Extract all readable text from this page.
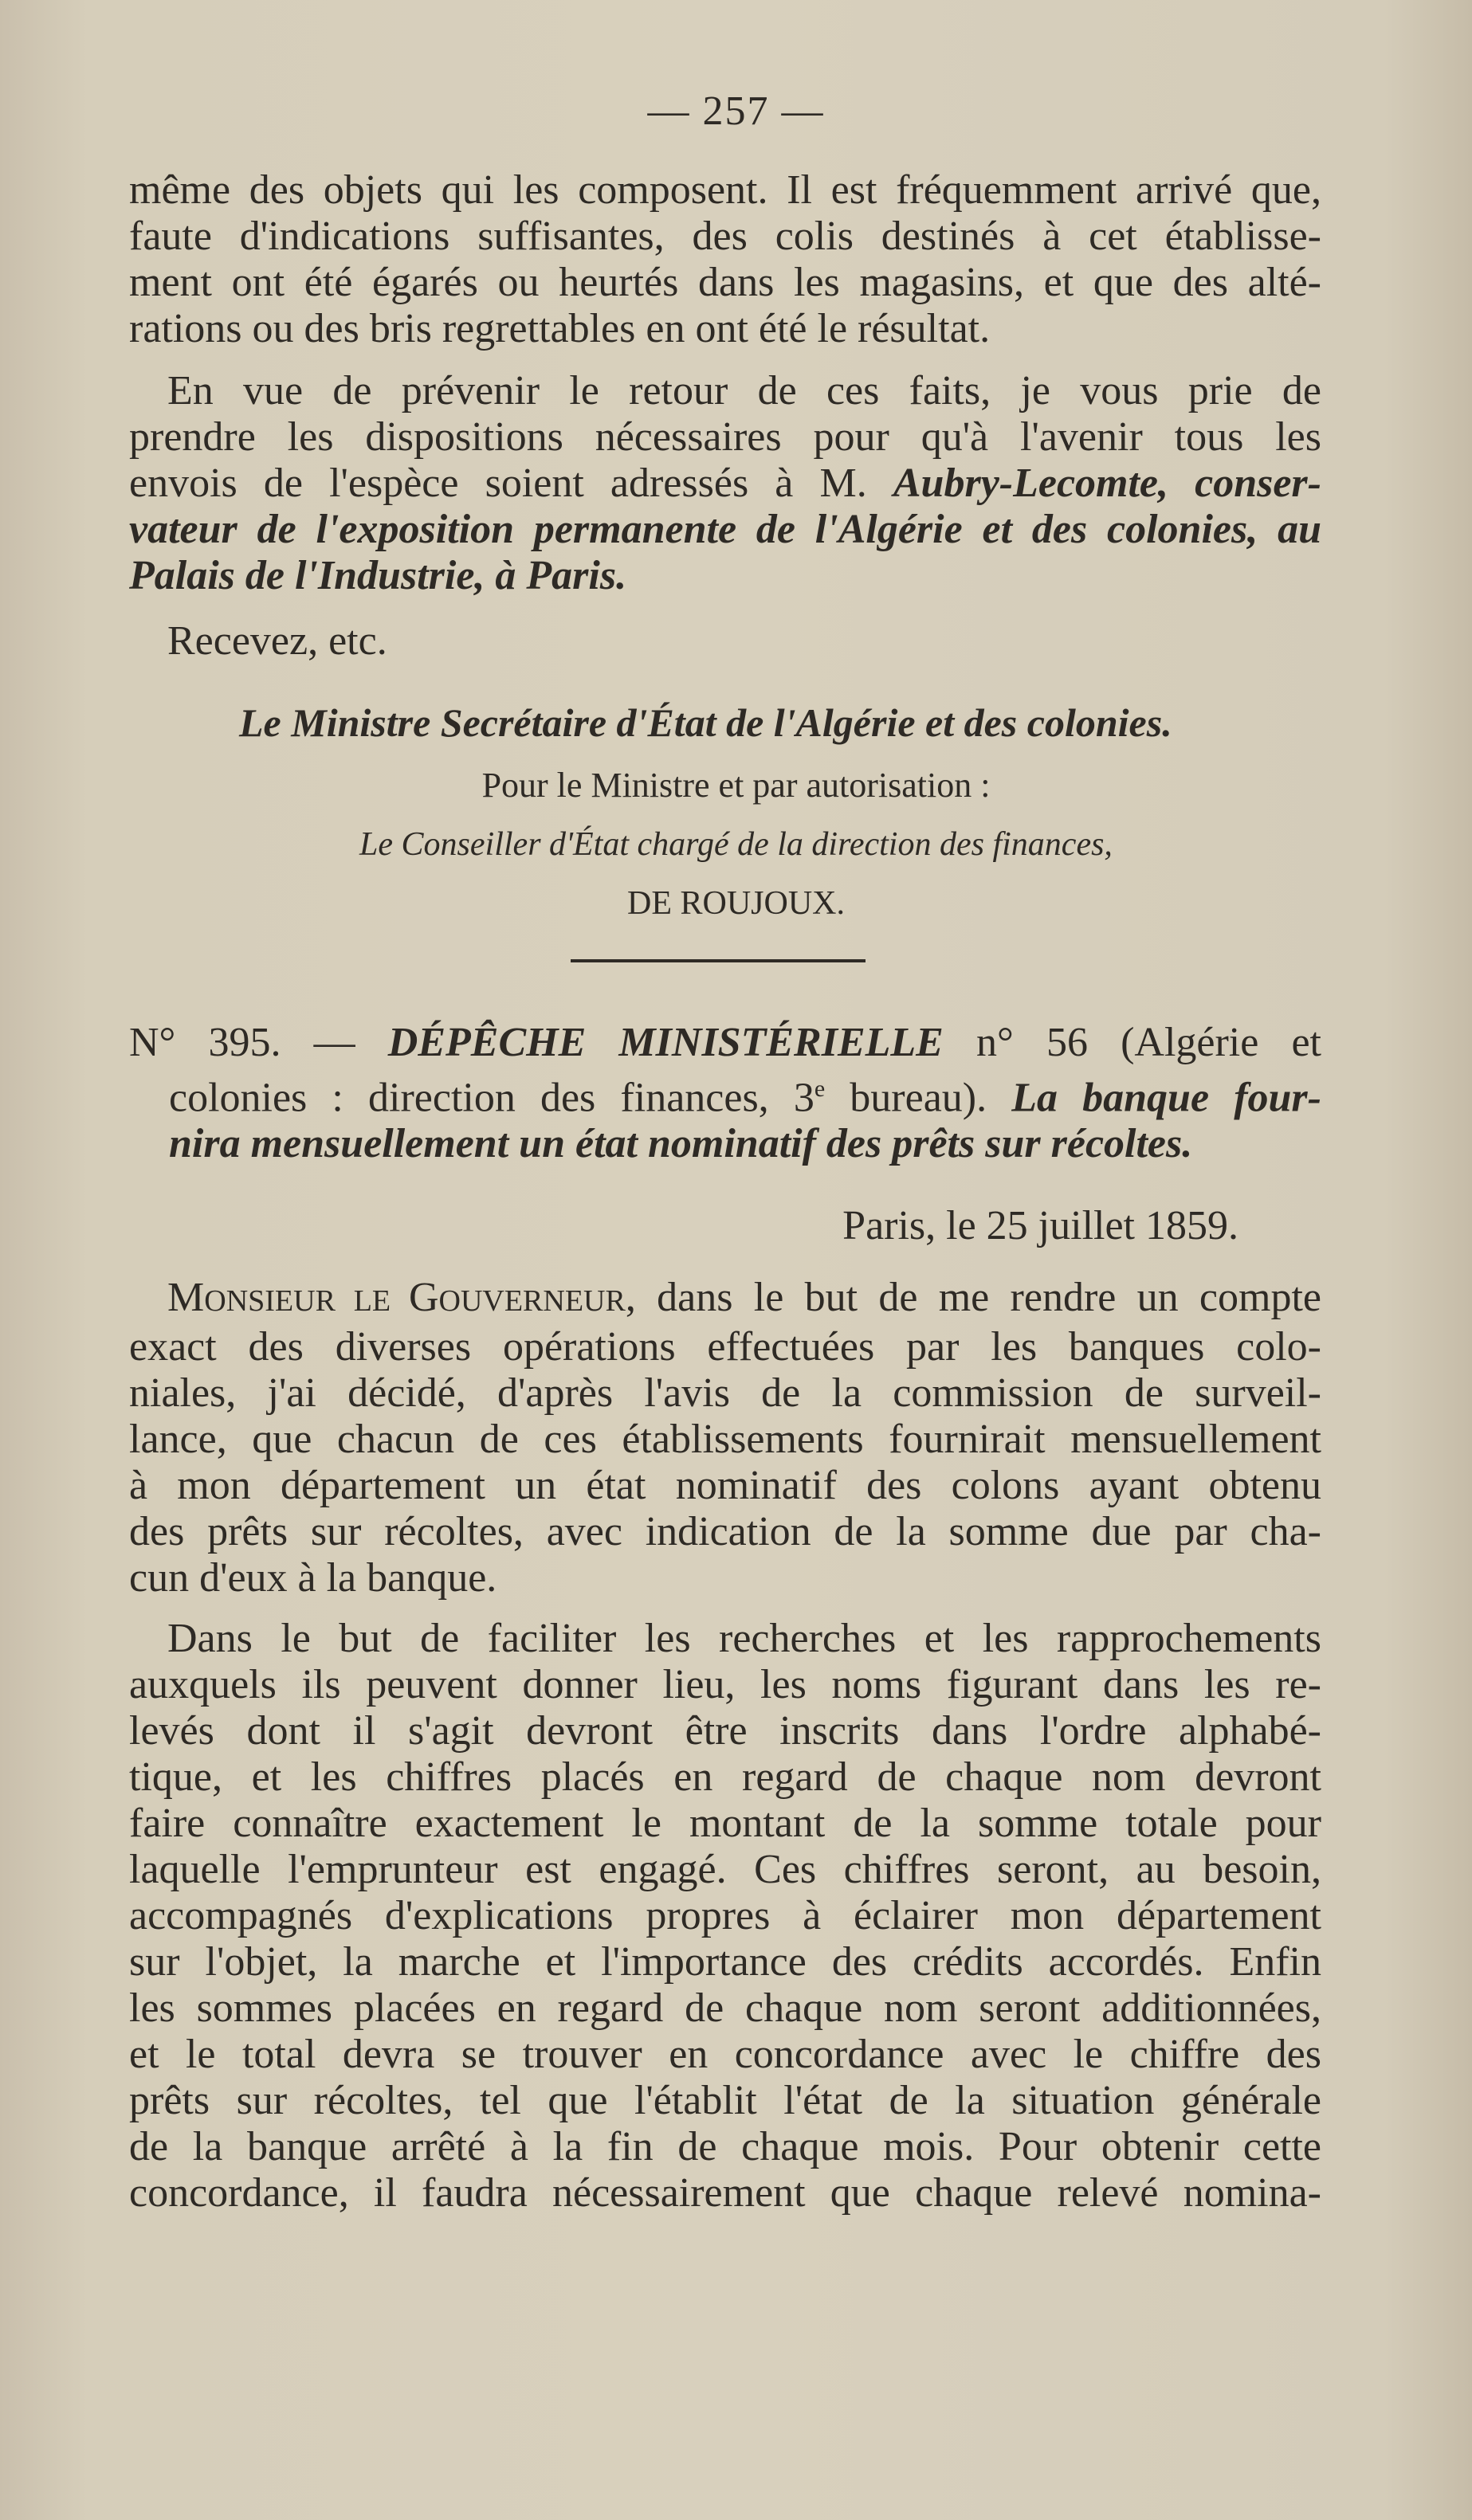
— 257 —
même des objets qui les composent. Il est fréquemment arrivé que,
faute d'indications suffisantes, des colis destinés à cet établisse-
ment ont été égarés ou heurtés dans les magasins, et que des alté-
rations ou des bris regrettables en ont été le résultat.
En vue de prévenir le retour de ces faits, je vous prie de
prendre les dispositions nécessaires pour qu'à l'avenir tous les
envois de l'espèce soient adressés à M. Aubry-Lecomte, conser-
vateur de l'exposition permanente de l'Algérie et des colonies, au
Palais de l'Industrie, à Paris.
Recevez, etc.
Le Ministre Secrétaire d'État de l'Algérie et des colonies.
Pour le Ministre et par autorisation :
Le Conseiller d'État chargé de la direction des finances,
DE ROUJOUX.
N° 395. — DÉPÊCHE MINISTÉRIELLE n° 56 (Algérie et
colonies : direction des finances, 3e bureau). La banque four-
nira mensuellement un état nominatif des prêts sur récoltes.
Paris, le 25 juillet 1859.
MONSIEUR LE GOUVERNEUR, dans le but de me rendre un compte
exact des diverses opérations effectuées par les banques colo-
niales, j'ai décidé, d'après l'avis de la commission de surveil-
lance, que chacun de ces établissements fournirait mensuellement
à mon département un état nominatif des colons ayant obtenu
des prêts sur récoltes, avec indication de la somme due par cha-
cun d'eux à la banque.
Dans le but de faciliter les recherches et les rapprochements
auxquels ils peuvent donner lieu, les noms figurant dans les re-
levés dont il s'agit devront être inscrits dans l'ordre alphabé-
tique, et les chiffres placés en regard de chaque nom devront
faire connaître exactement le montant de la somme totale pour
laquelle l'emprunteur est engagé. Ces chiffres seront, au besoin,
accompagnés d'explications propres à éclairer mon département
sur l'objet, la marche et l'importance des crédits accordés. Enfin
les sommes placées en regard de chaque nom seront additionnées,
et le total devra se trouver en concordance avec le chiffre des
prêts sur récoltes, tel que l'établit l'état de la situation générale
de la banque arrêté à la fin de chaque mois. Pour obtenir cette
concordance, il faudra nécessairement que chaque relevé nomina-
